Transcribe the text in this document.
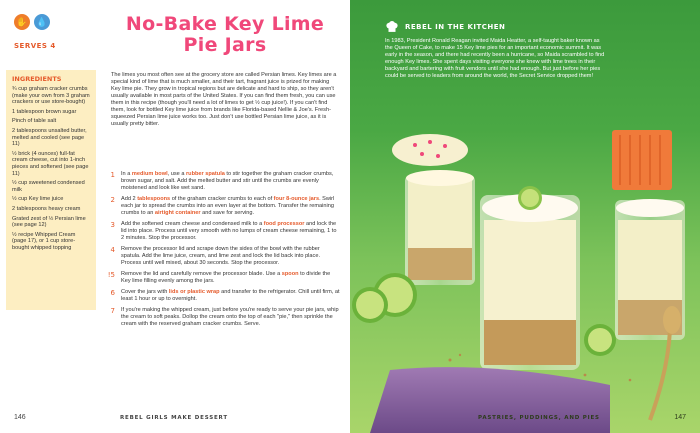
✋ 💧
SERVES 4
No-Bake Key Lime Pie Jars
INGREDIENTS
¾ cup graham cracker crumbs (make your own from 3 graham crackers or use store-bought)
1 tablespoon brown sugar
Pinch of table salt
2 tablespoons unsalted butter, melted and cooled (see page 11)
½ brick (4 ounces) full-fat cream cheese, cut into 1-inch pieces and softened (see page 11)
½ cup sweetened condensed milk
½ cup Key lime juice
2 tablespoons heavy cream
Grated zest of ½ Persian lime (see page 12)
½ recipe Whipped Cream (page 17), or 1 cup store-bought whipped topping
The limes you most often see at the grocery store are called Persian limes. Key limes are a special kind of lime that is much smaller, and their tart, fragrant juice is prized for making Key lime pie. They grow in tropical regions but are delicate and hard to ship, so they aren't usually available in most parts of the United States. If you can find them fresh, you can use them in this recipe (though you'll need a lot of limes to get ½ cup juice!). If you can't find them, look for bottled Key lime juice from brands like Florida-based Nellie & Joe's. Fresh-squeezed Persian lime juice works too. Just don't use bottled Persian lime juice, as it is usually pretty bitter.
1	In a medium bowl, use a rubber spatula to stir together the graham cracker crumbs, brown sugar, and salt. Add the melted butter and stir until the crumbs are evenly moistened and look like wet sand.
2	Add 2 tablespoons of the graham cracker crumbs to each of four 8-ounce jars. Swirl each jar to spread the crumbs into an even layer at the bottom. Transfer the remaining crumbs to an airtight container and save for serving.
3	Add the softened cream cheese and condensed milk to a food processor and lock the lid into place. Process until very smooth with no lumps of cream cheese remaining, 1 to 2 minutes. Stop the processor.
4	Remove the processor lid and scrape down the sides of the bowl with the rubber spatula. Add the lime juice, cream, and lime zest and lock the lid back into place. Process until well mixed, about 30 seconds. Stop the processor.
!5	Remove the lid and carefully remove the processor blade. Use a spoon to divide the Key lime filling evenly among the jars.
6	Cover the jars with lids or plastic wrap and transfer to the refrigerator. Chill until firm, at least 1 hour or up to overnight.
7	If you're making the whipped cream, just before you're ready to serve your pie jars, whip the cream to soft peaks. Dollop the cream onto the top of each "pie," then sprinkle the cream with the reserved graham cracker crumbs. Serve.
146	REBEL GIRLS MAKE DESSERT
REBEL IN THE KITCHEN
In 1983, President Ronald Reagan invited Maida Heatter, a self-taught baker known as the Queen of Cake, to make 15 Key lime pies for an important economic summit. It was early in the season, and there had recently been a hurricane, so Maida scrambled to find enough Key limes. She spent days visiting everyone she knew with lime trees in their backyard and bartering with fruit vendors until she had enough. But just before her pies could be served to leaders from around the world, the Secret Service dropped them!
PASTRIES, PUDDINGS, AND PIES	147
